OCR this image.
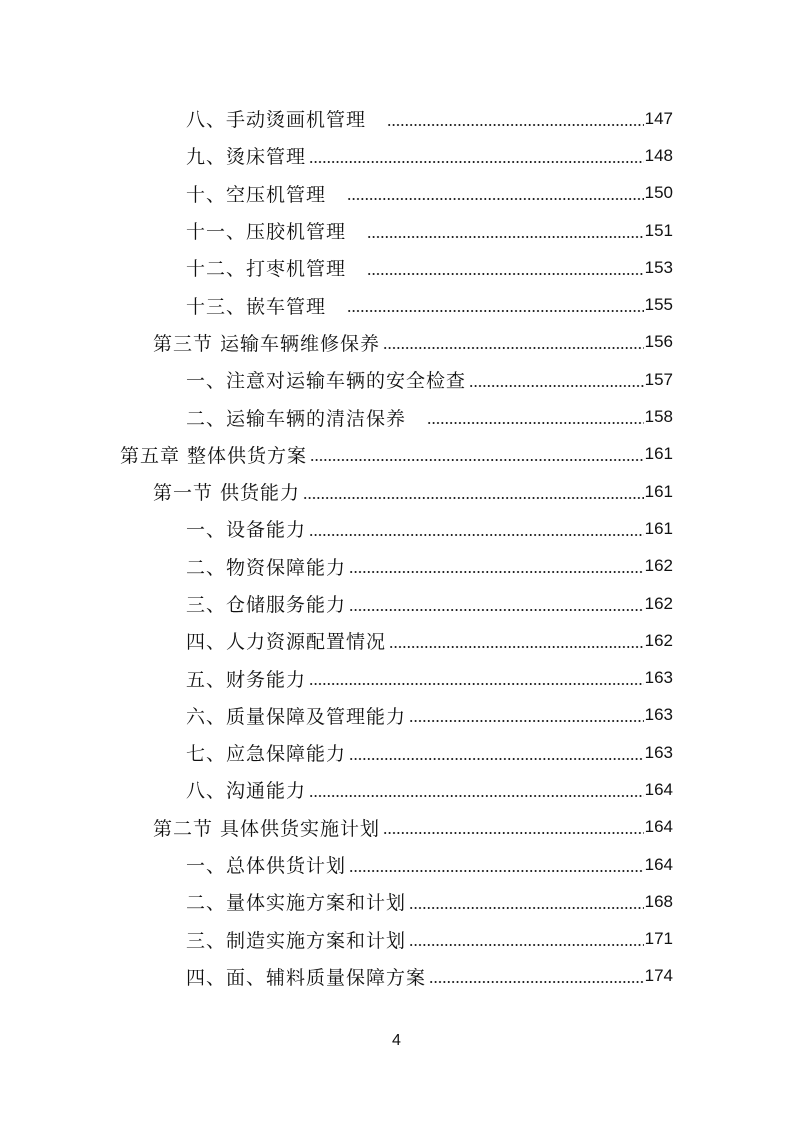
八、手动烫画机管理	147
九、烫床管理	148
十、空压机管理	150
十一、压胶机管理	151
十二、打枣机管理	153
十三、嵌车管理	155
第三节 运输车辆维修保养	156
一、注意对运输车辆的安全检查	157
二、运输车辆的清洁保养	158
第五章 整体供货方案	161
第一节 供货能力	161
一、设备能力	161
二、物资保障能力	162
三、仓储服务能力	162
四、人力资源配置情况	162
五、财务能力	163
六、质量保障及管理能力	163
七、应急保障能力	163
八、沟通能力	164
第二节 具体供货实施计划	164
一、总体供货计划	164
二、量体实施方案和计划	168
三、制造实施方案和计划	171
四、面、辅料质量保障方案	174
4
